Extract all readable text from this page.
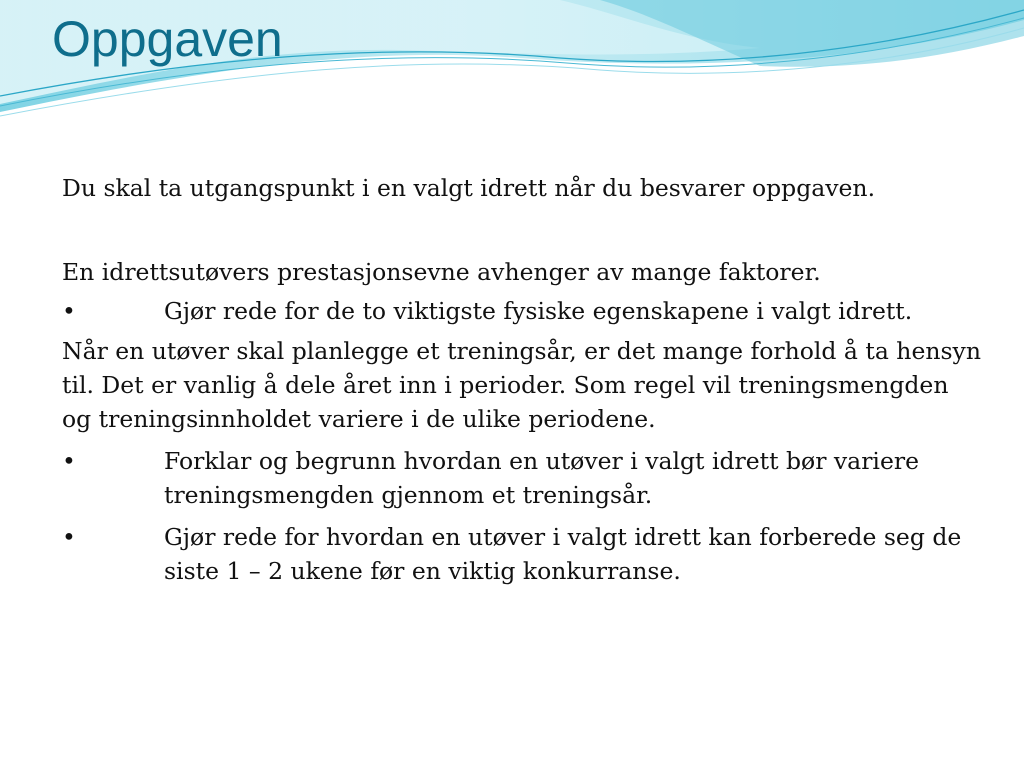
Oppgaven

Du skal ta utgangspunkt i en valgt idrett når du besvarer oppgaven.

En idrettsutøvers prestasjonsevne avhenger av mange faktorer.

•	Gjør rede for de to viktigste fysiske egenskapene i valgt idrett.

Når en utøver skal planlegge et treningsår, er det mange forhold å ta hensyn til. Det er vanlig å dele året inn i perioder. Som regel vil treningsmengden og treningsinnholdet variere i de ulike periodene.

•	Forklar og begrunn hvordan en utøver i valgt idrett bør variere treningsmengden gjennom et treningsår.

•	Gjør rede for hvordan en utøver i valgt idrett kan forberede seg de siste 1 – 2 ukene før en viktig konkurranse.
